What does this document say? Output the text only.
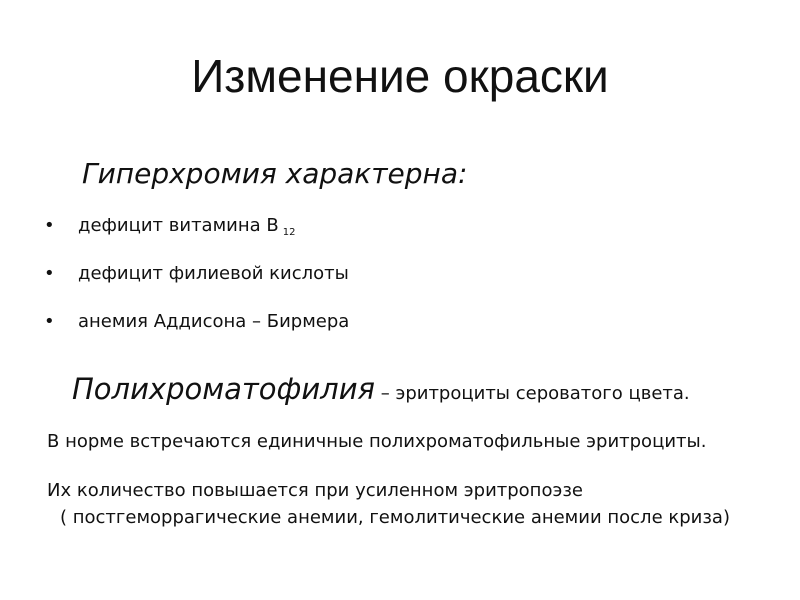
Изменение окраски
Гиперхромия характерна:
• дефицит витамина В $_{12}$
• дефицит филиевой кислоты
• анемия Аддисона – Бирмера
Полихроматофилия – эритроциты сероватого цвета.
В норме встречаются единичные полихроматофильные эритроциты.
Их количество повышается при усиленном эритропоэзе
( постгеморрагические анемии, гемолитические анемии после криза)
